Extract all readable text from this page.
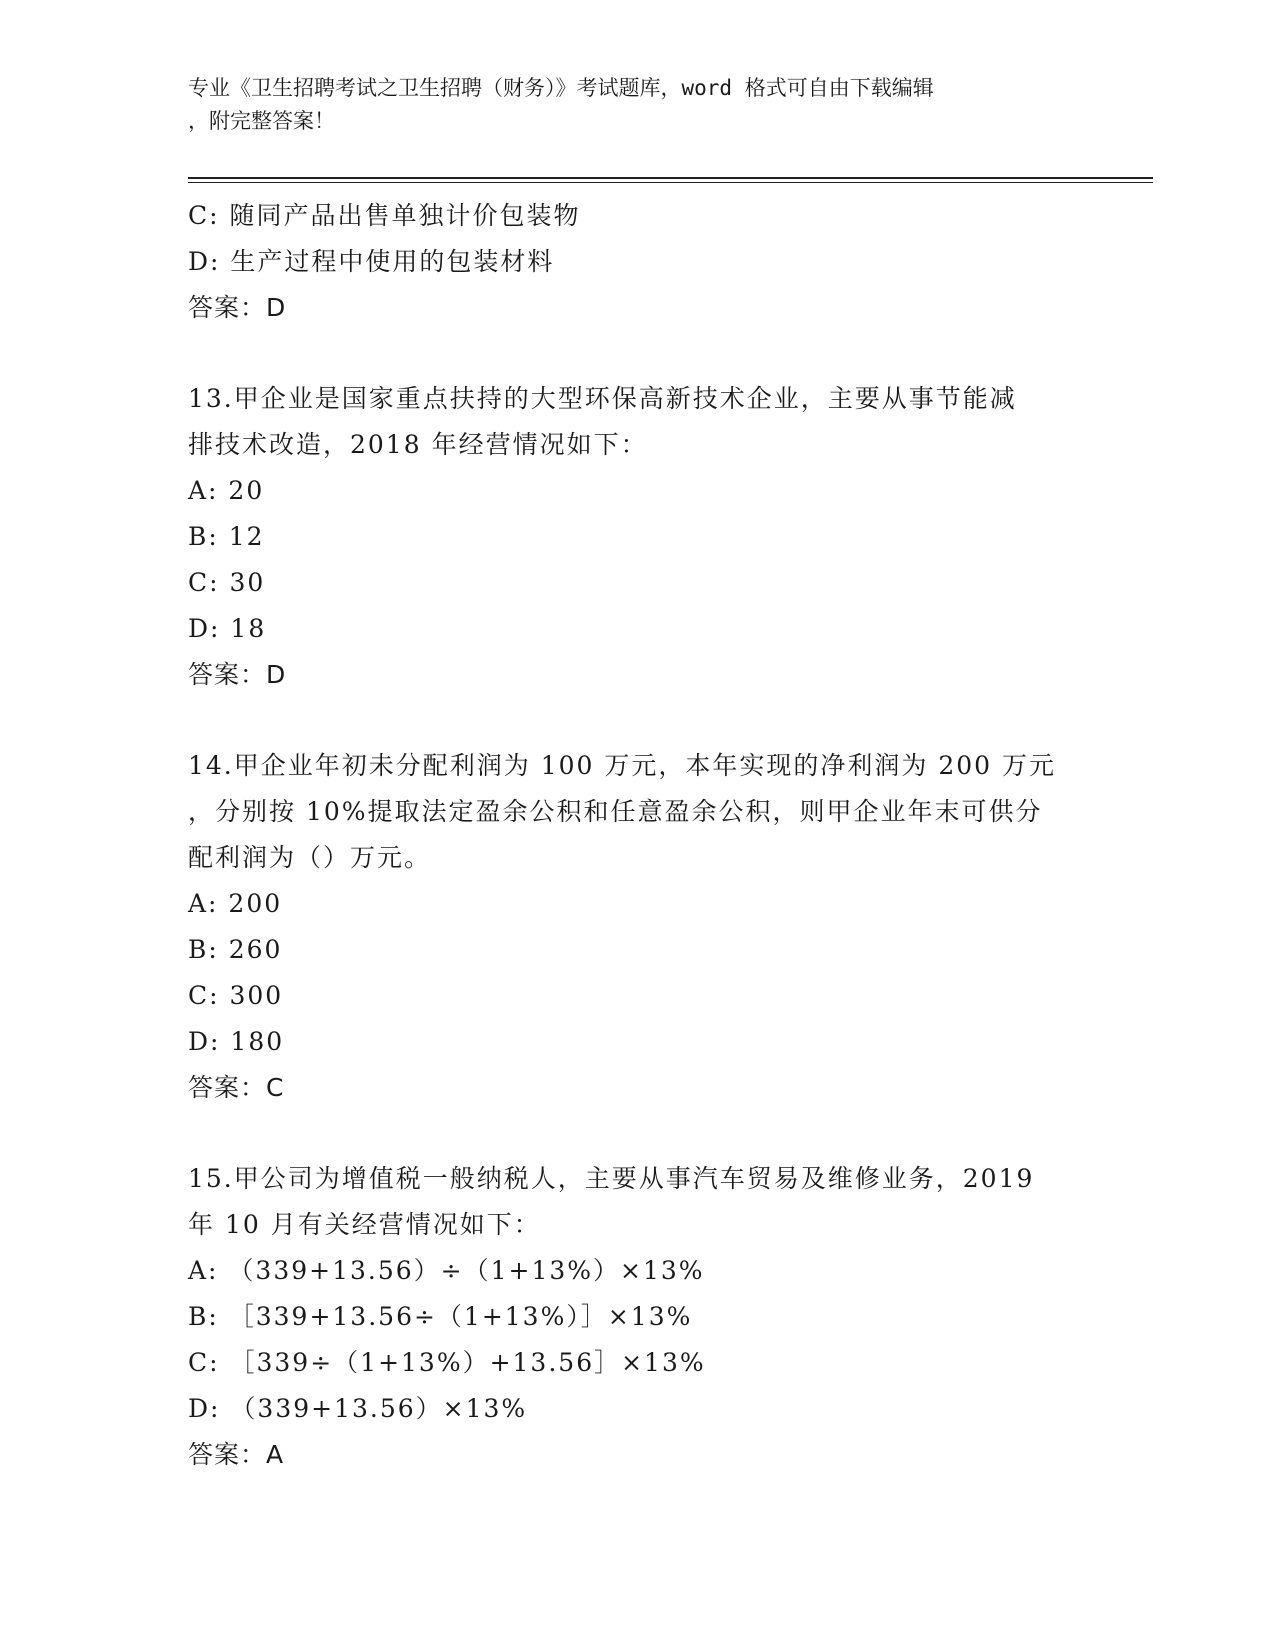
专业《卫生招聘考试之卫生招聘（财务）》考试题库，word 格式可自由下载编辑
，附完整答案！
C: 随同产品出售单独计价包装物
D: 生产过程中使用的包装材料
答案：D
13.甲企业是国家重点扶持的大型环保高新技术企业，主要从事节能减
排技术改造，2018 年经营情况如下：
A: 20
B: 12
C: 30
D: 18
答案：D
14.甲企业年初未分配利润为 100 万元，本年实现的净利润为 200 万元
，分别按 10%提取法定盈余公积和任意盈余公积，则甲企业年末可供分
配利润为（）万元。
A: 200
B: 260
C: 300
D: 180
答案：C
15.甲公司为增值税一般纳税人，主要从事汽车贸易及维修业务，2019
年 10 月有关经营情况如下：
A: （339+13.56）÷（1+13%）×13%
B: ［339+13.56÷（1+13%）］×13%
C: ［339÷（1+13%）+13.56］×13%
D: （339+13.56）×13%
答案：A
